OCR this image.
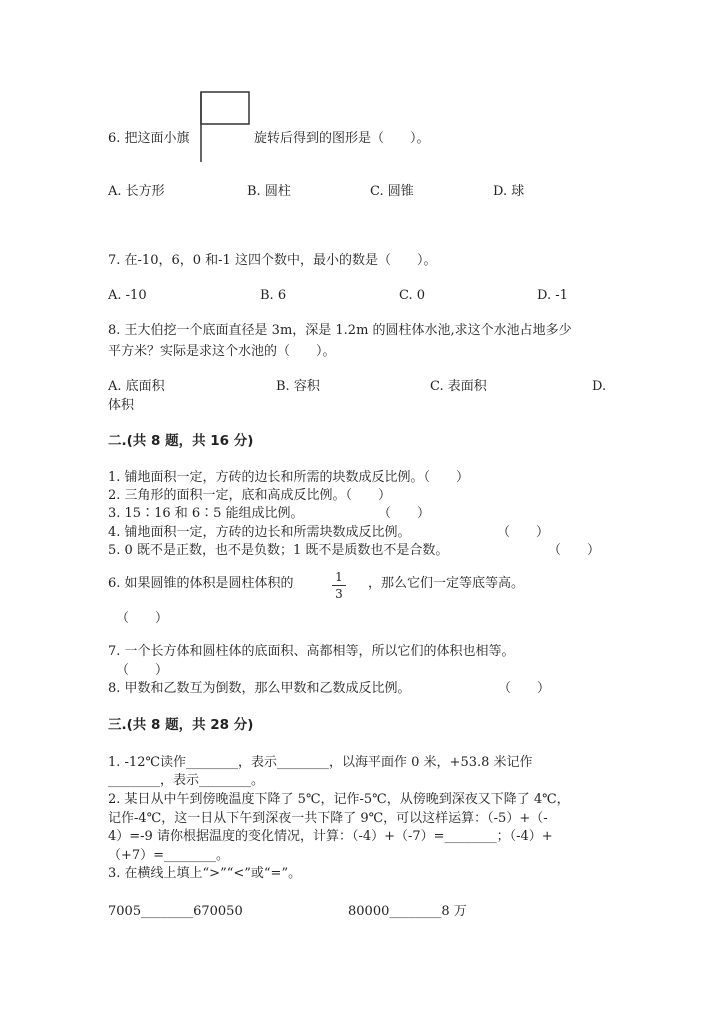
6. 把这面小旗	旋转后得到的图形是（　　）。
A. 长方形	B. 圆柱	C. 圆锥	D. 球
7. 在-10，6，0 和-1 这四个数中，最小的数是（　　）。
A. -10	B. 6	C. 0	D. -1
8. 王大伯挖一个底面直径是 3m，深是 1.2m 的圆柱体水池,求这个水池占地多少
平方米？实际是求这个水池的（　　）。
A. 底面积	B. 容积	C. 表面积	D.
体积
二.(共 8 题，共 16 分)
1. 铺地面积一定，方砖的边长和所需的块数成反比例。（　　）
2. 三角形的面积一定，底和高成反比例。（　　）
3. 15∶16 和 6∶5 能组成比例。	（　　）
4. 铺地面积一定，方砖的边长和所需块数成反比例。	（　　）
5. 0 既不是正数，也不是负数；1 既不是质数也不是合数。	（　　）
6. 如果圆锥的体积是圆柱体积的	1
3
，那么它们一定等底等高。
（　　）
7. 一个长方体和圆柱体的底面积、高都相等，所以它们的体积也相等。
（　　）
8. 甲数和乙数互为倒数，那么甲数和乙数成反比例。	（　　）
三.(共 8 题，共 28 分)
1. -12℃读作________，表示________，以海平面作 0 米，+53.8 米记作
________，表示________。
2. 某日从中午到傍晚温度下降了 5℃，记作-5℃，从傍晚到深夜又下降了 4℃，
记作-4℃，这一日从下午到深夜一共下降了 9℃，可以这样运算：（-5）+（-
4）=-9 请你根据温度的变化情况，计算：（-4）+（-7）=________；（-4）+
（+7）=________。
3. 在横线上填上“>”“<”或“=”。
7005________670050	80000________8 万
